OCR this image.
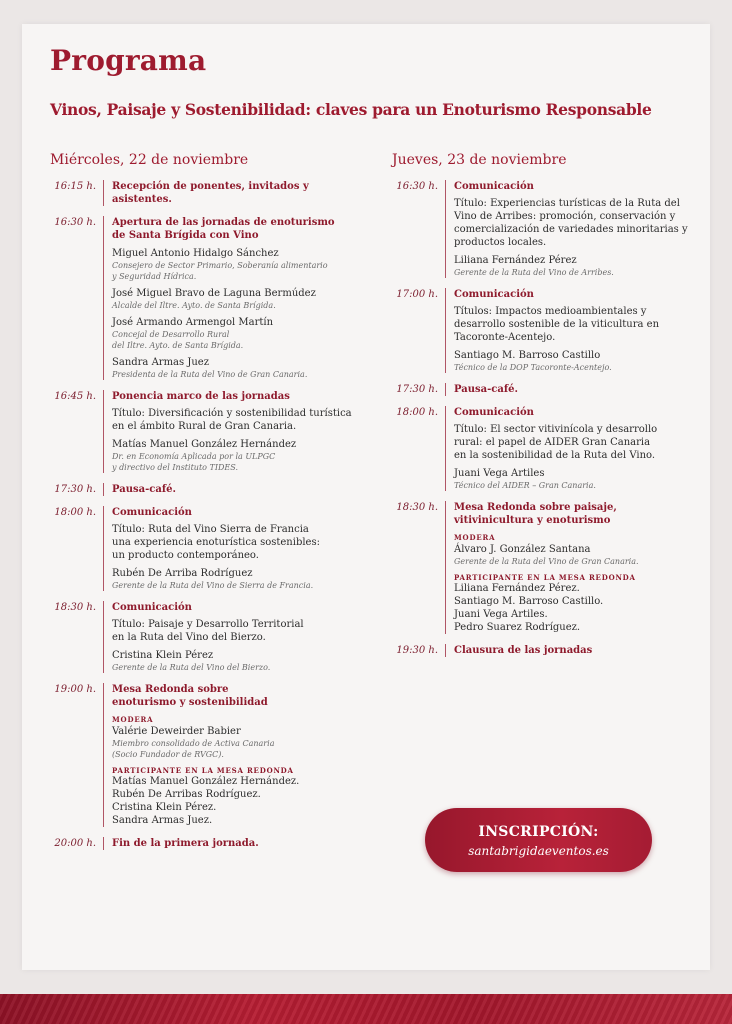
Programa
Vinos, Paisaje y Sostenibilidad: claves para un Enoturismo Responsable
Miércoles, 22 de noviembre
16:15 h.	Recepción de ponentes, invitados y asistentes.
16:30 h.	Apertura de las jornadas de enoturismo
de Santa Brígida con Vino
Miguel Antonio Hidalgo Sánchez
Consejero de Sector Primario, Soberanía alimentario
y Seguridad Hídrica.
José Miguel Bravo de Laguna Bermúdez
Alcalde del Iltre. Ayto. de Santa Brígida.
José Armando Armengol Martín
Concejal de Desarrollo Rural
del Iltre. Ayto. de Santa Brígida.
Sandra Armas Juez
Presidenta de la Ruta del Vino de Gran Canaria.
16:45 h.	Ponencia marco de las jornadas
Título: Diversificación y sostenibilidad turística
en el ámbito Rural de Gran Canaria.
Matías Manuel González Hernández
Dr. en Economía Aplicada por la ULPGC
y directivo del Instituto TIDES.
17:30 h.	Pausa-café.
18:00 h.	Comunicación
Título: Ruta del Vino Sierra de Francia
una experiencia enoturística sostenibles:
un producto contemporáneo.
Rubén De Arriba Rodríguez
Gerente de la Ruta del Vino de Sierra de Francia.
18:30 h.	Comunicación
Título: Paisaje y Desarrollo Territorial
en la Ruta del Vino del Bierzo.
Cristina Klein Pérez
Gerente de la Ruta del Vino del Bierzo.
19:00 h.	Mesa Redonda sobre
enoturismo y sostenibilidad
MODERA
Valérie Deweirder Babier
Miembro consolidado de Activa Canaria
(Socio Fundador de RVGC).
PARTICIPANTE EN LA MESA REDONDA
Matías Manuel González Hernández.
Rubén De Arribas Rodríguez.
Cristina Klein Pérez.
Sandra Armas Juez.
20:00 h.	Fin de la primera jornada.
Jueves, 23 de noviembre
16:30 h.	Comunicación
Título: Experiencias turísticas de la Ruta del
Vino de Arribes: promoción, conservación y
comercialización de variedades minoritarias y
productos locales.
Liliana Fernández Pérez
Gerente de la Ruta del Vino de Arribes.
17:00 h.	Comunicación
Títulos: Impactos medioambientales y
desarrollo sostenible de la viticultura en
Tacoronte-Acentejo.
Santiago M. Barroso Castillo
Técnico de la DOP Tacoronte-Acentejo.
17:30 h.	Pausa-café.
18:00 h.	Comunicación
Título: El sector vitivinícola y desarrollo
rural: el papel de AIDER Gran Canaria
en la sostenibilidad de la Ruta del Vino.
Juani Vega Artiles
Técnico del AIDER – Gran Canaria.
18:30 h.	Mesa Redonda sobre paisaje,
vitivinicultura y enoturismo
MODERA
Álvaro J. González Santana
Gerente de la Ruta del Vino de Gran Canaria.
PARTICIPANTE EN LA MESA REDONDA
Liliana Fernández Pérez.
Santiago M. Barroso Castillo.
Juani Vega Artiles.
Pedro Suarez Rodríguez.
19:30 h.	Clausura de las jornadas
INSCRIPCIÓN:
santabrigidaeventos.es
